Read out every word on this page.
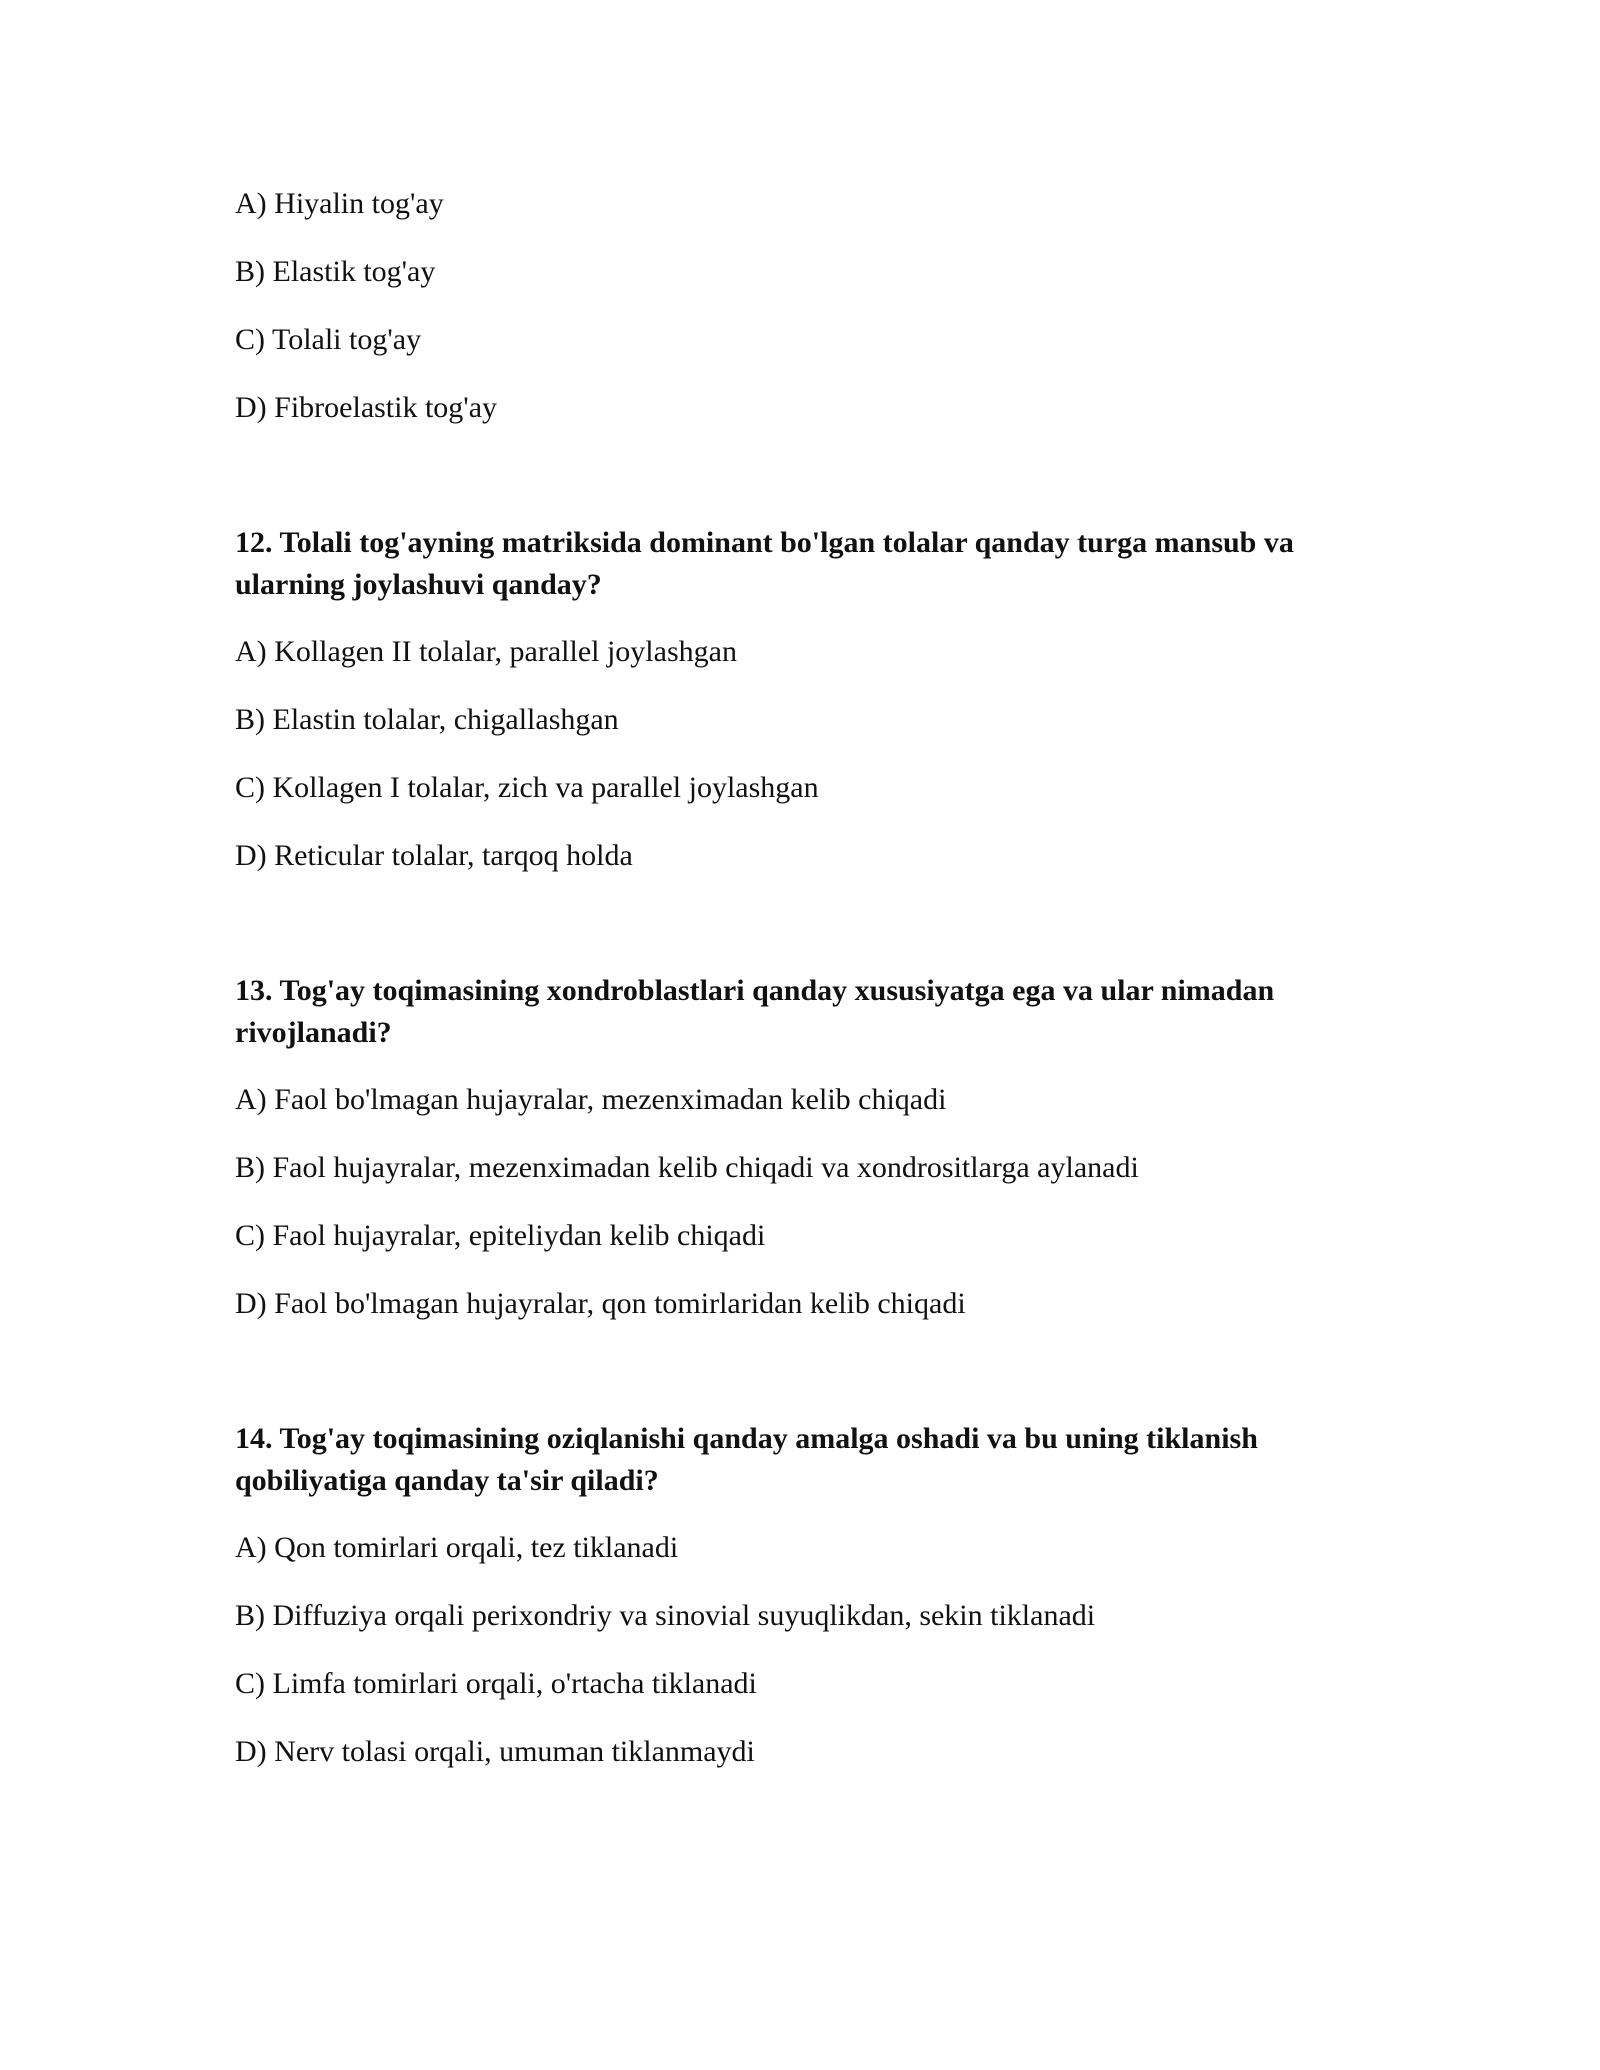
A) Hiyalin tog'ay
B) Elastik tog'ay
C) Tolali tog'ay
D) Fibroelastik tog'ay
12. Tolali tog'ayning matriksida dominant bo'lgan tolalar qanday turga mansub va ularning joylashuvi qanday?
A) Kollagen II tolalar, parallel joylashgan
B) Elastin tolalar, chigallashgan
C) Kollagen I tolalar, zich va parallel joylashgan
D) Reticular tolalar, tarqoq holda
13. Tog'ay toqimasining xondroblastlari qanday xususiyatga ega va ular nimadan rivojlanadi?
A) Faol bo'lmagan hujayralar, mezenximadan kelib chiqadi
B) Faol hujayralar, mezenximadan kelib chiqadi va xondrositlarga aylanadi
C) Faol hujayralar, epiteliydan kelib chiqadi
D) Faol bo'lmagan hujayralar, qon tomirlaridan kelib chiqadi
14. Tog'ay toqimasining oziqlanishi qanday amalga oshadi va bu uning tiklanish qobiliyatiga qanday ta'sir qiladi?
A) Qon tomirlari orqali, tez tiklanadi
B) Diffuziya orqali perixondriy va sinovial suyuqlikdan, sekin tiklanadi
C) Limfa tomirlari orqali, o'rtacha tiklanadi
D) Nerv tolasi orqali, umuman tiklanmaydi
